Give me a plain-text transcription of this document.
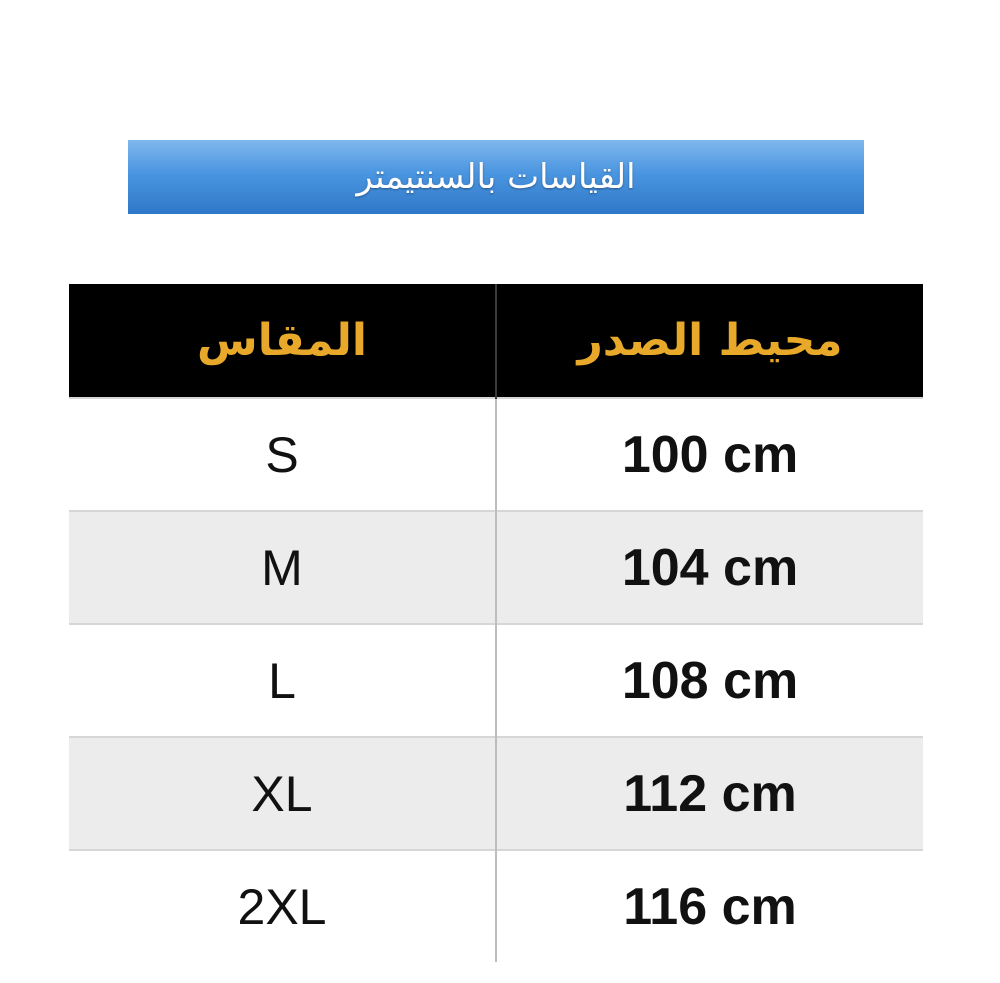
القياسات بالسنتيمتر
المقاس	محيط الصدر
S	100 cm
M	104 cm
L	108 cm
XL	112 cm
2XL	116 cm
